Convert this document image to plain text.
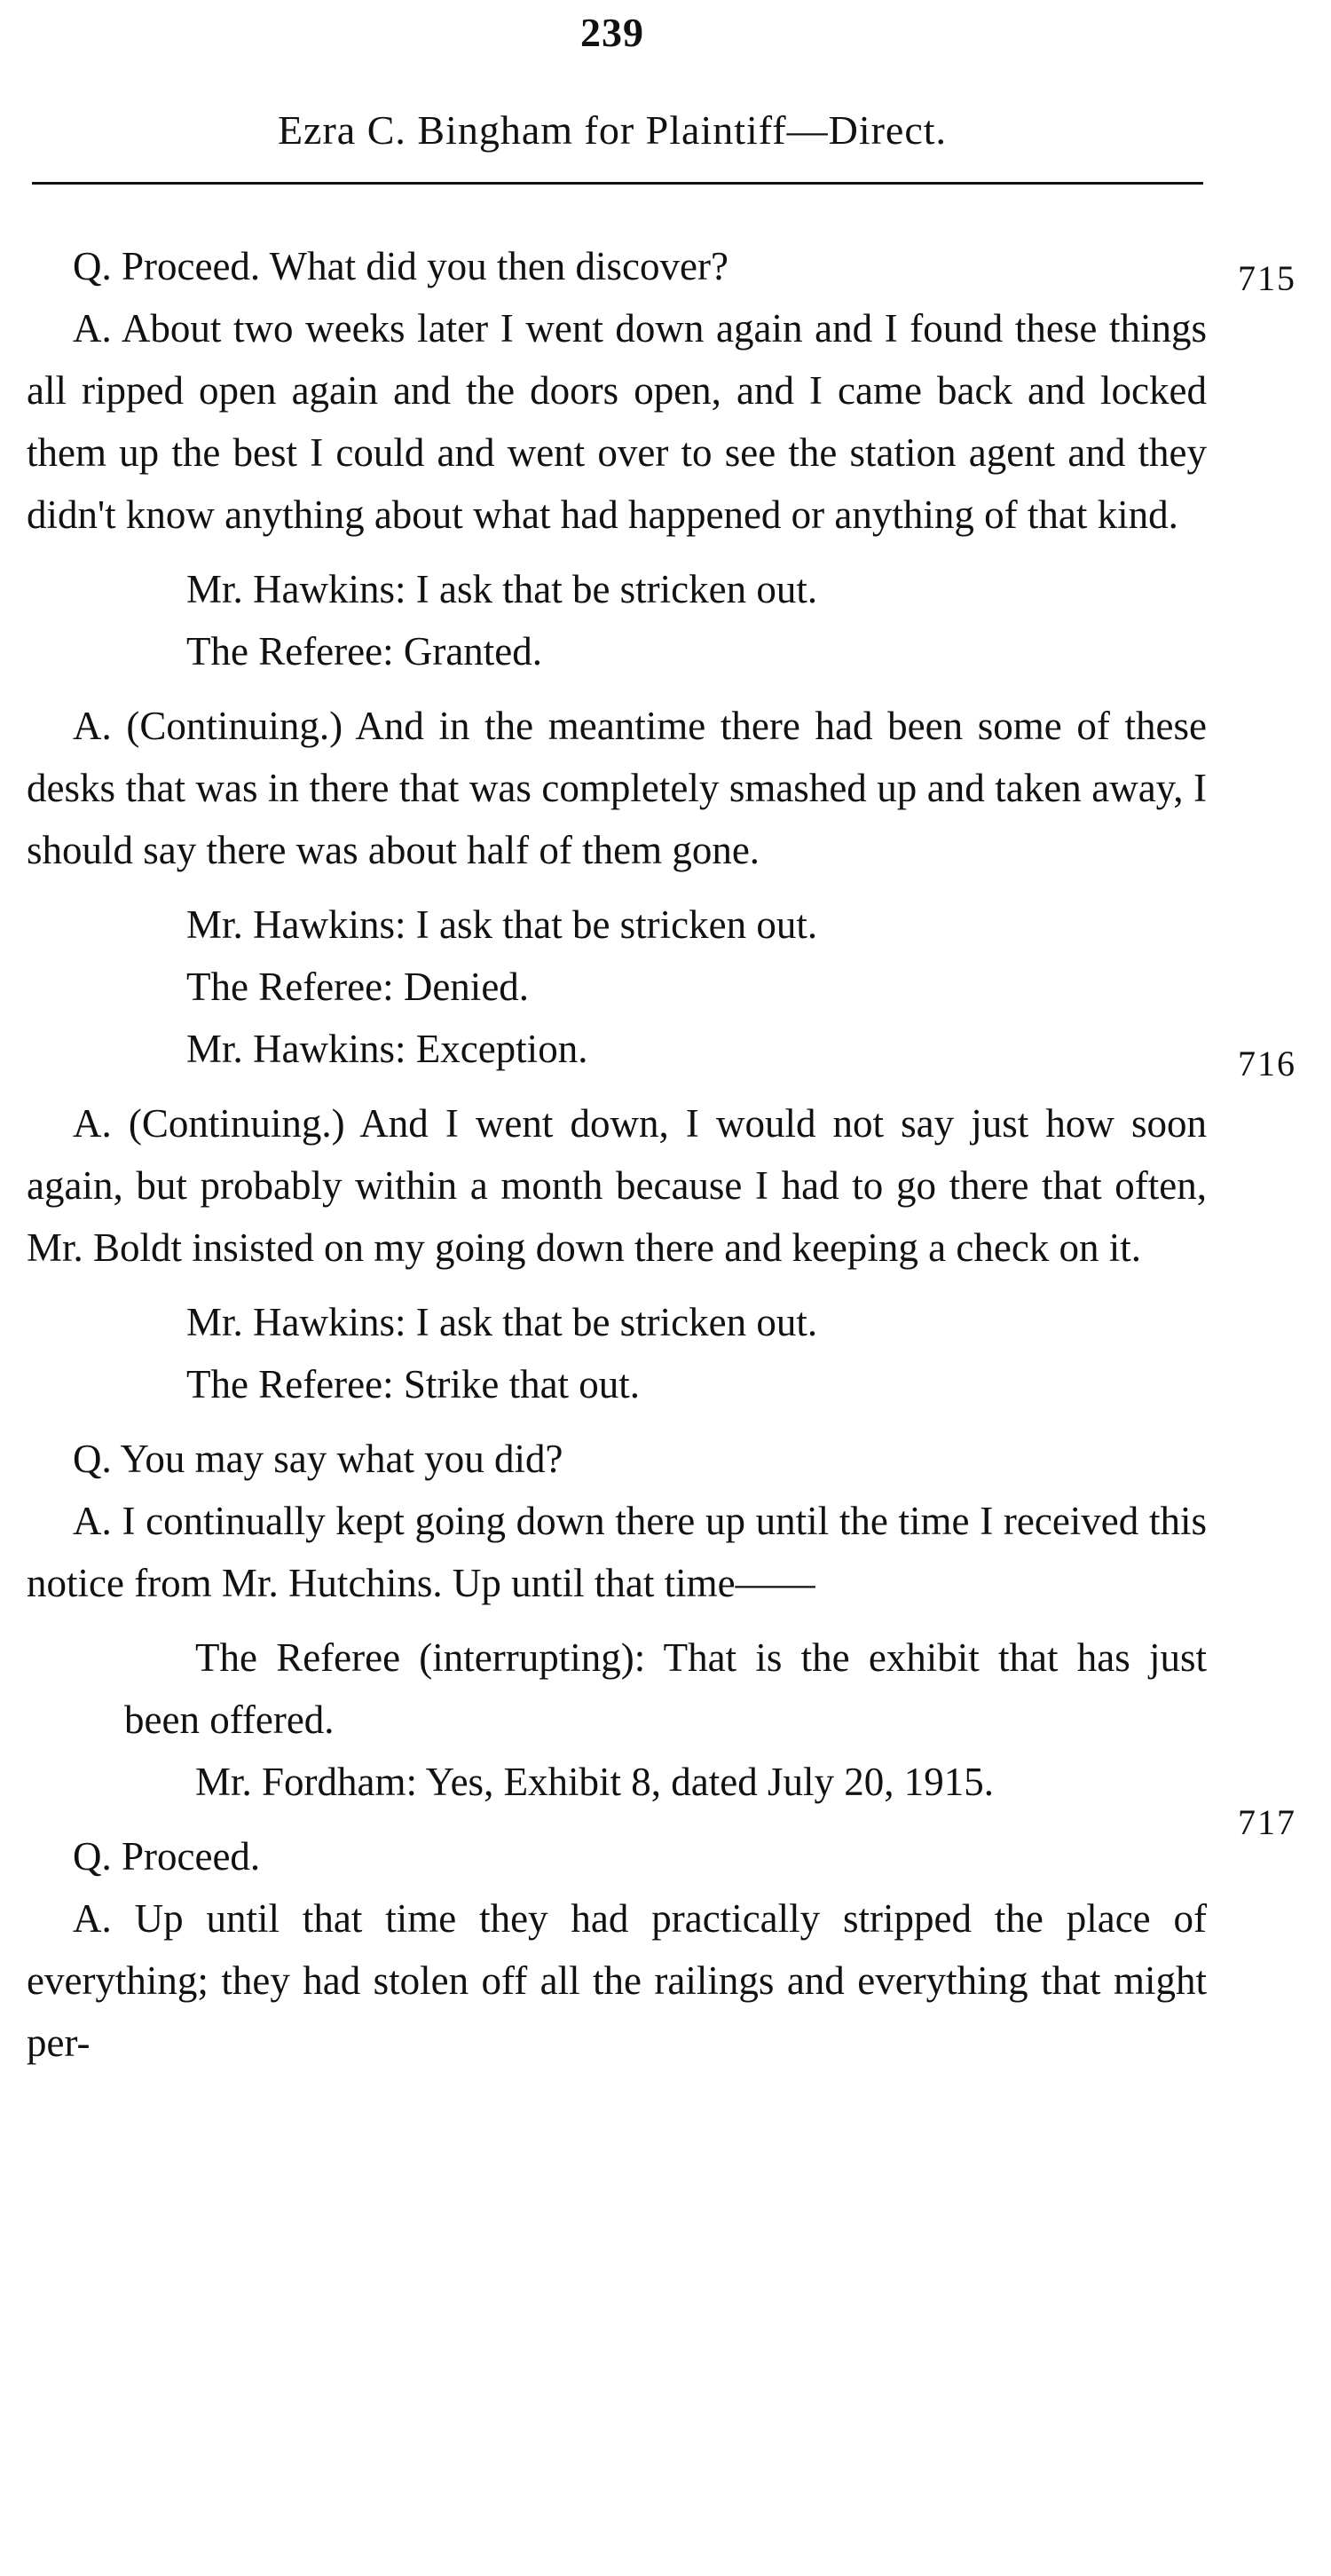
239
Ezra C. Bingham for Plaintiff—Direct.
715
716
717

Q. Proceed. What did you then discover?

A. About two weeks later I went down again and I found these things all ripped open again and the doors open, and I came back and locked them up the best I could and went over to see the station agent and they didn't know anything about what had happened or anything of that kind.

Mr. Hawkins: I ask that be stricken out.
The Referee: Granted.

A. (Continuing.) And in the meantime there had been some of these desks that was in there that was completely smashed up and taken away, I should say there was about half of them gone.

Mr. Hawkins: I ask that be stricken out.
The Referee: Denied.
Mr. Hawkins: Exception.

A. (Continuing.) And I went down, I would not say just how soon again, but probably within a month because I had to go there that often, Mr. Boldt insisted on my going down there and keeping a check on it.

Mr. Hawkins: I ask that be stricken out.
The Referee: Strike that out.

Q. You may say what you did?

A. I continually kept going down there up until the time I received this notice from Mr. Hutchins. Up until that time——

The Referee (interrupting): That is the exhibit that has just been offered.

Mr. Fordham: Yes, Exhibit 8, dated July 20, 1915.

Q. Proceed.

A. Up until that time they had practically stripped the place of everything; they had stolen off all the railings and everything that might per-
